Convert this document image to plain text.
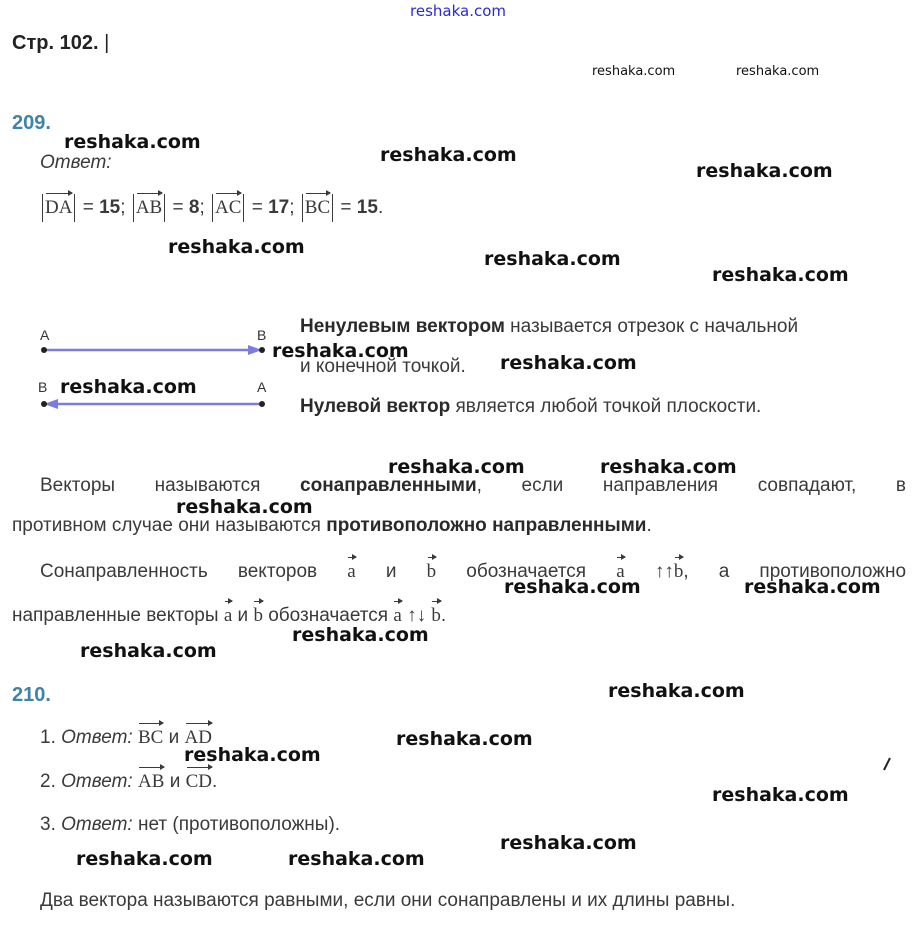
reshaka.com
Стр. 102. |
reshaka.com	reshaka.com
reshaka.com
reshaka.com
reshaka.com
reshaka.com
reshaka.com
reshaka.com
reshaka.com
reshaka.com
reshaka.com
reshaka.com	reshaka.com
reshaka.com
reshaka.com	reshaka.com
reshaka.com
reshaka.com
reshaka.com
reshaka.com
reshaka.com
reshaka.com
reshaka.com
reshaka.com	reshaka.com
209.
Ответ:
DA = 15; AB = 8; AC = 17; BC = 15.
A	B
B	A
Ненулевым вектором называется отрезок с начальной
и конечной точкой.
Нулевой вектор является любой точкой плоскости.
Векторы называются сонаправленными, если направления совпадают, в
противном случае они называются противоположно направленными.
Сонаправленность векторов a и b обозначается a ↑↑b, а противоположно
направленные векторы a и b обозначается a ↑↓ b.
210.
1. Ответ: BC и AD
2. Ответ: AB и CD.
3. Ответ: нет (противоположны).
Два вектора называются равными, если они сонаправлены и их длины равны.
